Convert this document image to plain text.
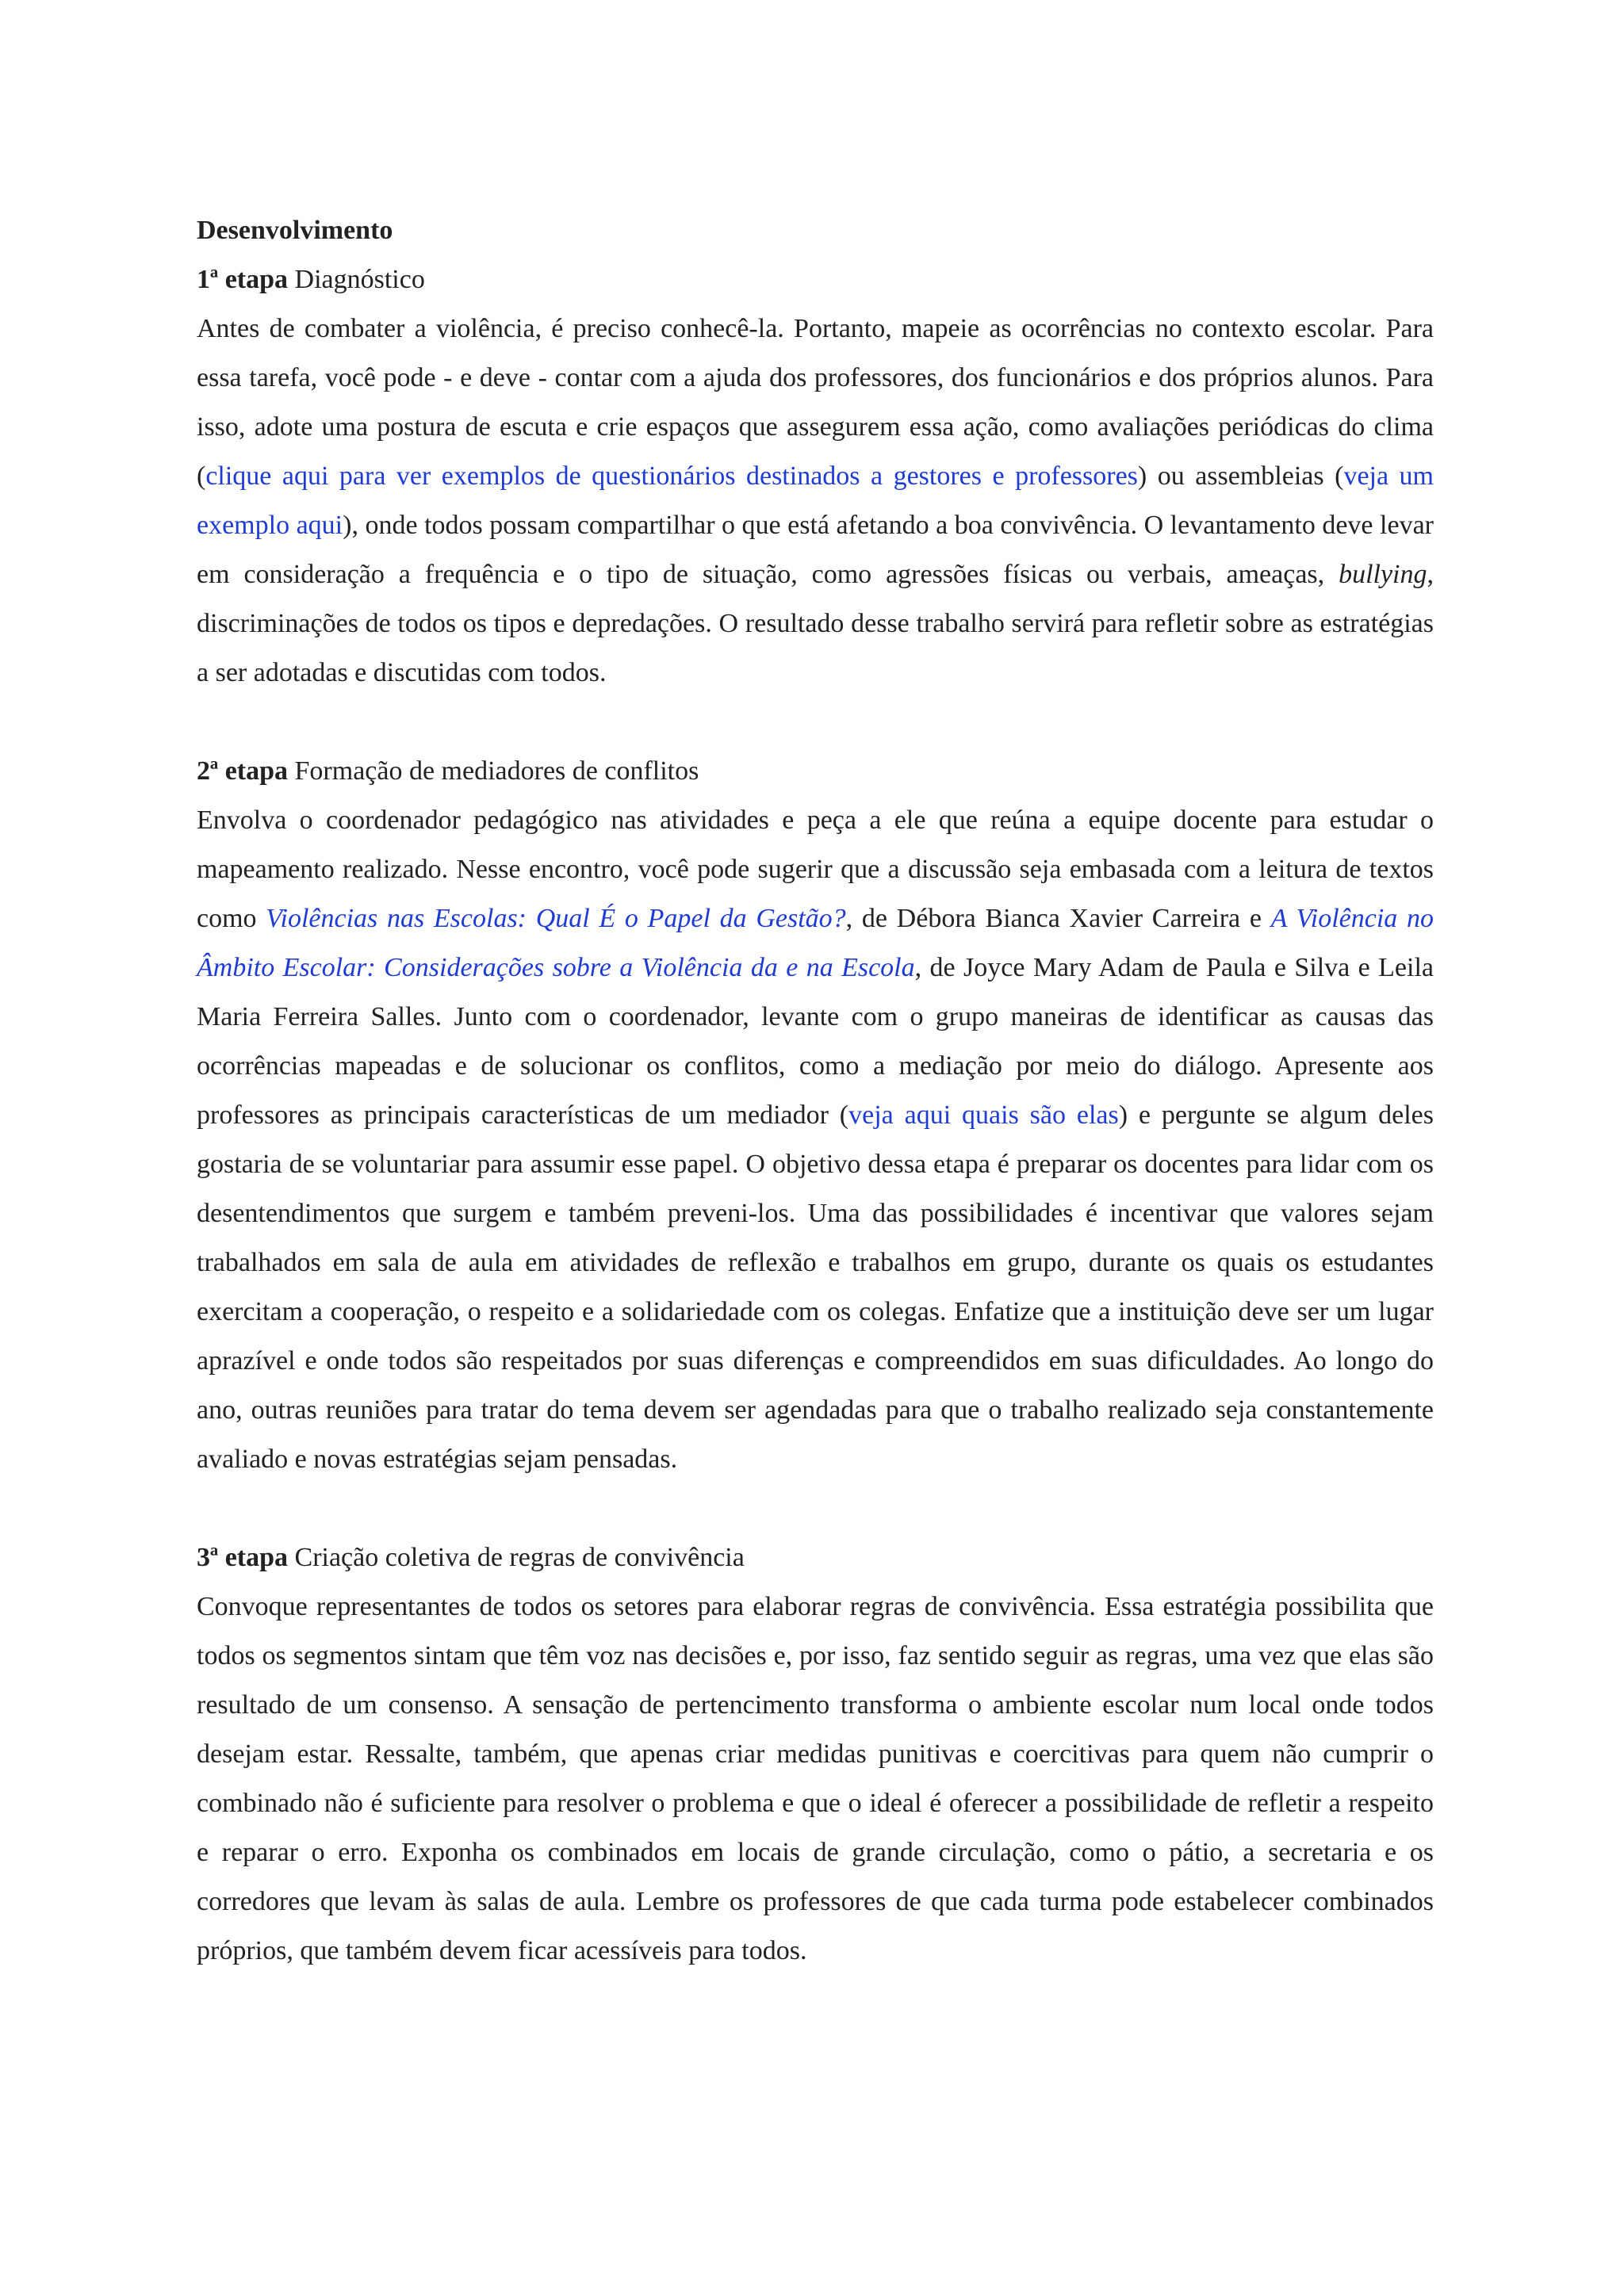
Desenvolvimento

1ª etapa Diagnóstico

Antes de combater a violência, é preciso conhecê-la. Portanto, mapeie as ocorrências no contexto escolar. Para essa tarefa, você pode - e deve - contar com a ajuda dos professores, dos funcionários e dos próprios alunos. Para isso, adote uma postura de escuta e crie espaços que assegurem essa ação, como avaliações periódicas do clima (clique aqui para ver exemplos de questionários destinados a gestores e professores) ou assembleias (veja um exemplo aqui), onde todos possam compartilhar o que está afetando a boa convivência. O levantamento deve levar em consideração a frequência e o tipo de situação, como agressões físicas ou verbais, ameaças, bullying, discriminações de todos os tipos e depredações. O resultado desse trabalho servirá para refletir sobre as estratégias a ser adotadas e discutidas com todos.

2ª etapa Formação de mediadores de conflitos

Envolva o coordenador pedagógico nas atividades e peça a ele que reúna a equipe docente para estudar o mapeamento realizado. Nesse encontro, você pode sugerir que a discussão seja embasada com a leitura de textos como Violências nas Escolas: Qual É o Papel da Gestão?, de Débora Bianca Xavier Carreira e A Violência no Âmbito Escolar: Considerações sobre a Violência da e na Escola, de Joyce Mary Adam de Paula e Silva e Leila Maria Ferreira Salles. Junto com o coordenador, levante com o grupo maneiras de identificar as causas das ocorrências mapeadas e de solucionar os conflitos, como a mediação por meio do diálogo. Apresente aos professores as principais características de um mediador (veja aqui quais são elas) e pergunte se algum deles gostaria de se voluntariar para assumir esse papel. O objetivo dessa etapa é preparar os docentes para lidar com os desentendimentos que surgem e também preveni-los. Uma das possibilidades é incentivar que valores sejam trabalhados em sala de aula em atividades de reflexão e trabalhos em grupo, durante os quais os estudantes exercitam a cooperação, o respeito e a solidariedade com os colegas. Enfatize que a instituição deve ser um lugar aprazível e onde todos são respeitados por suas diferenças e compreendidos em suas dificuldades. Ao longo do ano, outras reuniões para tratar do tema devem ser agendadas para que o trabalho realizado seja constantemente avaliado e novas estratégias sejam pensadas.

3ª etapa Criação coletiva de regras de convivência

Convoque representantes de todos os setores para elaborar regras de convivência. Essa estratégia possibilita que todos os segmentos sintam que têm voz nas decisões e, por isso, faz sentido seguir as regras, uma vez que elas são resultado de um consenso. A sensação de pertencimento transforma o ambiente escolar num local onde todos desejam estar. Ressalte, também, que apenas criar medidas punitivas e coercitivas para quem não cumprir o combinado não é suficiente para resolver o problema e que o ideal é oferecer a possibilidade de refletir a respeito e reparar o erro. Exponha os combinados em locais de grande circulação, como o pátio, a secretaria e os corredores que levam às salas de aula. Lembre os professores de que cada turma pode estabelecer combinados próprios, que também devem ficar acessíveis para todos.
